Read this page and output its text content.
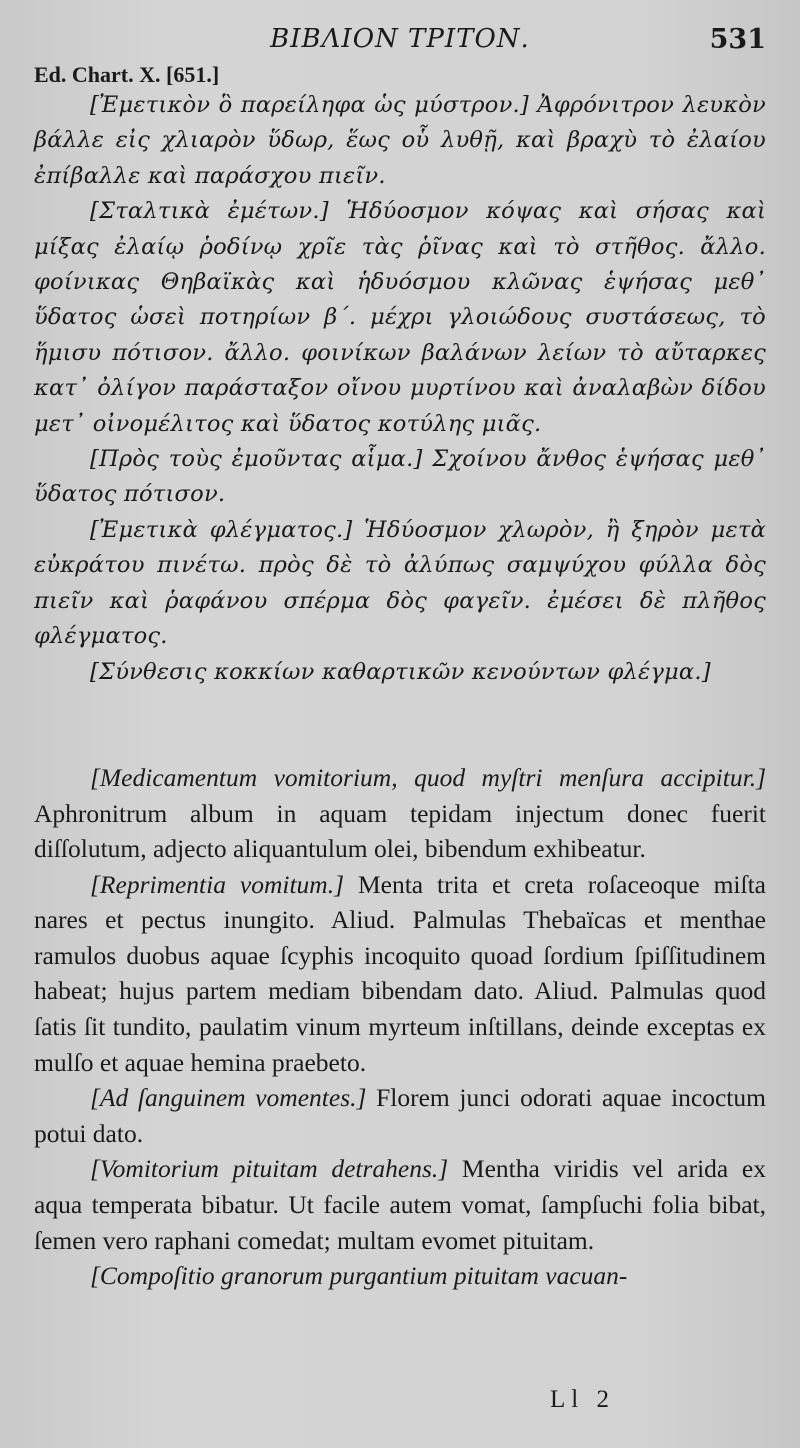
ΒΙΒΛΙΟΝ ΤΡΙΤΟΝ.	531
Ed. Chart. X. [651.]

[Ἐμετικὸν ὃ παρείληφα ὡς μύστρον.] Ἀφρόνιτρον λευκὸν βάλλε εἰς χλιαρὸν ὕδωρ, ἕως οὗ λυθῇ, καὶ βραχὺ τὸ ἐλαίου ἐπίβαλλε καὶ παράσχου πιεῖν.

[Σταλτικὰ ἐμέτων.] Ἡδύοσμον κόψας καὶ σήσας καὶ μίξας ἐλαίῳ ῥοδίνῳ χρῖε τὰς ῥῖνας καὶ τὸ στῆθος. ἄλλο. φοίνικας Θηβαϊκὰς καὶ ἡδυόσμου κλῶνας ἑψήσας μεθ᾽ ὕδατος ὡσεὶ ποτηρίων β΄. μέχρι γλοιώδους συστάσεως, τὸ ἥμισυ πότισον. ἄλλο. φοινίκων βαλάνων λείων τὸ αὔταρκες κατ᾽ ὀλίγον παράσταξον οἴνου μυρτίνου καὶ ἀναλαβὼν δίδου μετ᾽ οἰνομέλιτος καὶ ὕδατος κοτύλης μιᾶς.

[Πρὸς τοὺς ἐμοῦντας αἷμα.] Σχοίνου ἄνθος ἑψήσας μεθ᾽ ὕδατος πότισον.

[Ἐμετικὰ φλέγματος.] Ἡδύοσμον χλωρὸν, ἢ ξηρὸν μετὰ εὐκράτου πινέτω. πρὸς δὲ τὸ ἀλύπως σαμψύχου φύλλα δὸς πιεῖν καὶ ῥαφάνου σπέρμα δὸς φαγεῖν. ἐμέσει δὲ πλῆθος φλέγματος.

[Σύνθεσις κοκκίων καθαρτικῶν κενούντων φλέγμα.]

[Medicamentum vomitorium, quod myſtri menſura accipitur.] Aphronitrum album in aquam tepidam injectum donec fuerit diſſolutum, adjecto aliquantulum olei, bibendum exhibeatur.

[Reprimentia vomitum.] Menta trita et creta roſaceoque miſta nares et pectus inungito. Aliud. Palmulas Thebaïcas et menthae ramulos duobus aquae ſcyphis incoquito quoad ſordium ſpiſſitudinem habeat; hujus partem mediam bibendam dato. Aliud. Palmulas quod ſatis ſit tundito, paulatim vinum myrteum inſtillans, deinde exceptas ex mulſo et aquae hemina praebeto.

[Ad ſanguinem vomentes.] Florem junci odorati aquae incoctum potui dato.

[Vomitorium pituitam detrahens.] Mentha viridis vel arida ex aqua temperata bibatur. Ut facile autem vomat, ſampſuchi folia bibat, ſemen vero raphani comedat; multam evomet pituitam.

[Compoſitio granorum purgantium pituitam vacuan-

Ll 2
